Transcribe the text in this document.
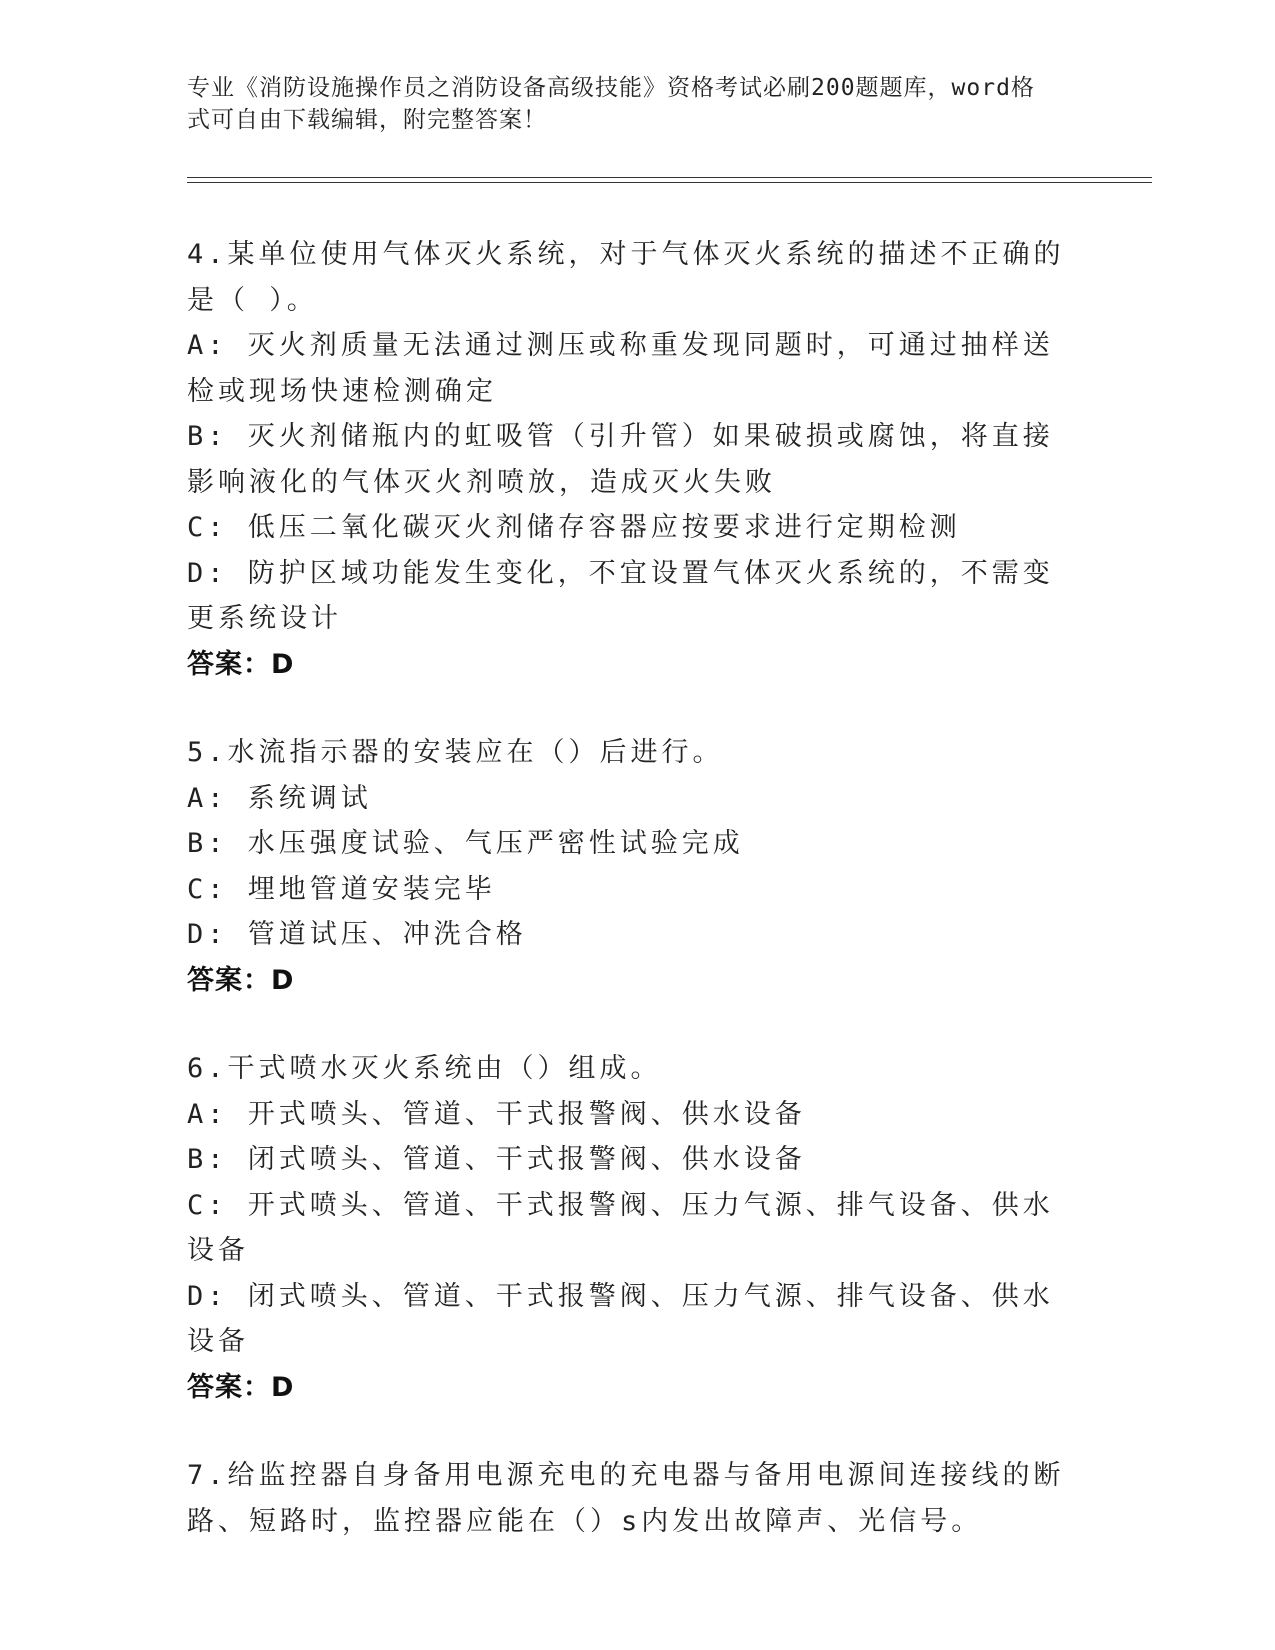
专业《消防设施操作员之消防设备高级技能》资格考试必刷200题题库，word格式可自由下载编辑，附完整答案！
4.某单位使用气体灭火系统，对于气体灭火系统的描述不正确的是（ ）。
A: 灭火剂质量无法通过测压或称重发现同题时，可通过抽样送检或现场快速检测确定
B: 灭火剂储瓶内的虹吸管（引升管）如果破损或腐蚀，将直接影响液化的气体灭火剂喷放，造成灭火失败
C: 低压二氧化碳灭火剂储存容器应按要求进行定期检测
D: 防护区域功能发生变化，不宜设置气体灭火系统的，不需变更系统设计
答案：D
5.水流指示器的安装应在（）后进行。
A: 系统调试
B: 水压强度试验、气压严密性试验完成
C: 埋地管道安装完毕
D: 管道试压、冲洗合格
答案：D
6.干式喷水灭火系统由（）组成。
A: 开式喷头、管道、干式报警阀、供水设备
B: 闭式喷头、管道、干式报警阀、供水设备
C: 开式喷头、管道、干式报警阀、压力气源、排气设备、供水设备
D: 闭式喷头、管道、干式报警阀、压力气源、排气设备、供水设备
答案：D
7.给监控器自身备用电源充电的充电器与备用电源间连接线的断路、短路时，监控器应能在（）s内发出故障声、光信号。
